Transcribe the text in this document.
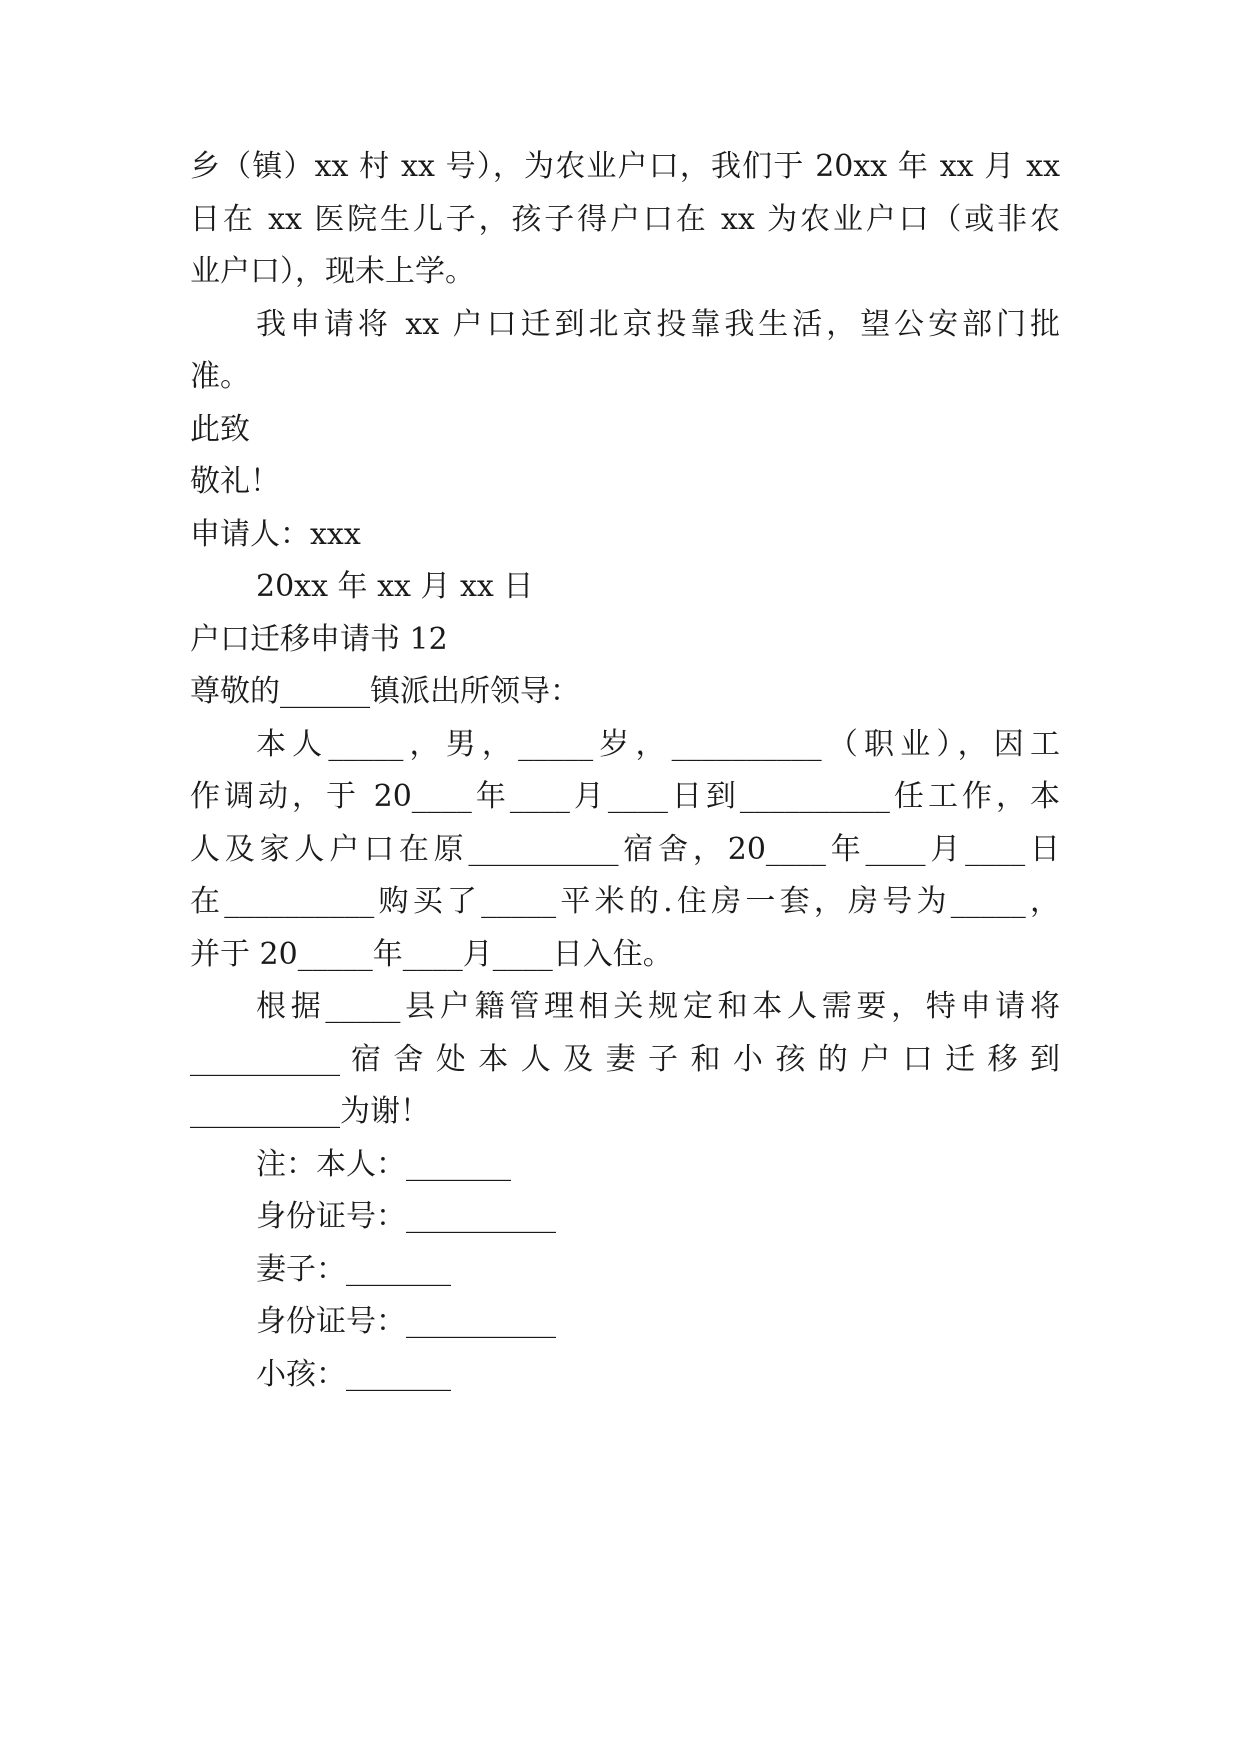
乡（镇）xx 村 xx 号），为农业户口，我们于 20xx 年 xx 月 xx
日在 xx 医院生儿子，孩子得户口在 xx 为农业户口（或非农
业户口），现未上学。
我申请将 xx 户口迁到北京投靠我生活，望公安部门批
准。
此致
敬礼！
申请人：xxx
20xx 年 xx 月 xx 日
户口迁移申请书 12
尊敬的______镇派出所领导：
本人_____，男，_____岁，__________（职业），因工
作调动，于 20____年____月____日到__________任工作，本
人及家人户口在原__________宿舍，20____年____月____日
在__________购买了_____平米的.住房一套，房号为_____，
并于 20_____年____月____日入住。
根据_____县户籍管理相关规定和本人需要，特申请将
__________ 宿 舍 处 本 人 及 妻 子 和 小 孩 的 户 口 迁 移 到
__________为谢！
注：本人：_______
身份证号：__________
妻子：_______
身份证号：__________
小孩：_______
